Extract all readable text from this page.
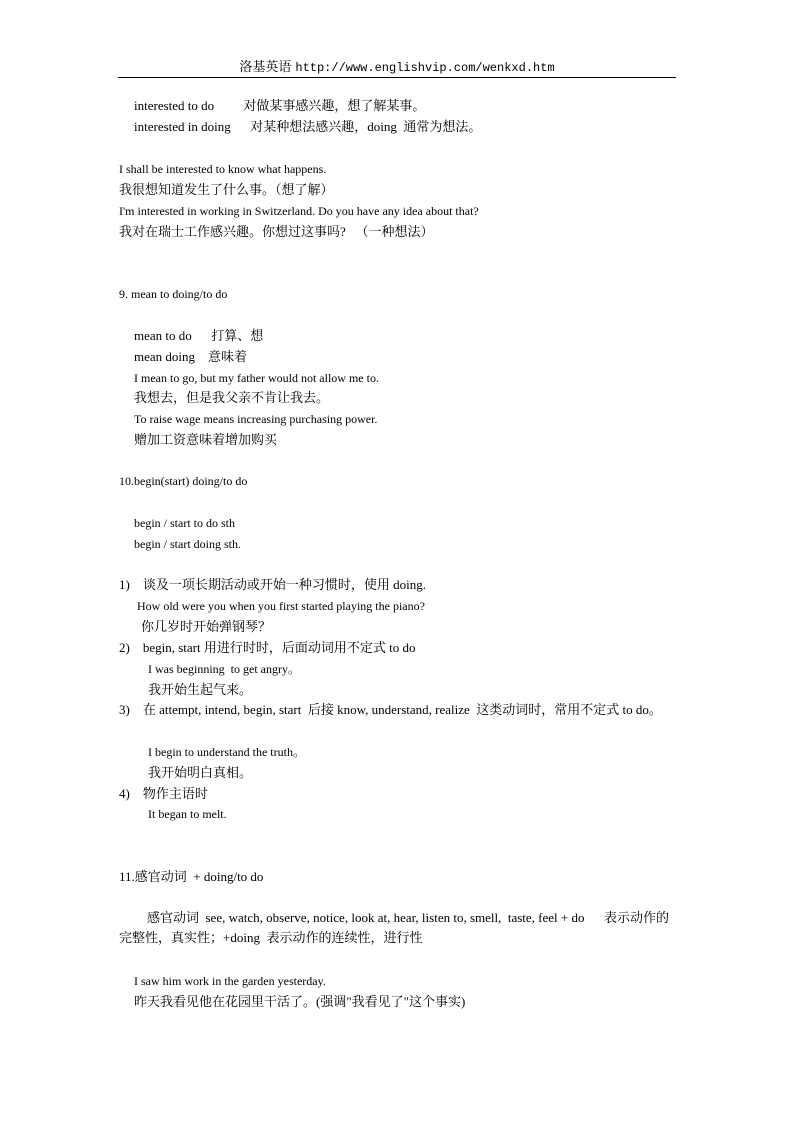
洛基英语 http://www.englishvip.com/wenkxd.htm
interested to do         对做某事感兴趣，想了解某事。
interested in doing      对某种想法感兴趣，doing  通常为想法。
I shall be interested to know what happens.
我很想知道发生了什么事。（想了解）
I'm interested in working in Switzerland. Do you have any idea about that?
我对在瑞士工作感兴趣。你想过这事吗?   （一种想法）
9. mean to doing/to do
mean to do      打算、想
mean doing    意味着
I mean to go, but my father would not allow me to.
我想去，但是我父亲不肯让我去。
To raise wage means increasing purchasing power.
赠加工资意味着增加购买
10.begin(start) doing/to do
begin / start to do sth
begin / start doing sth.
1)    谈及一项长期活动或开始一种习惯时，使用 doing.
How old were you when you first started playing the piano?
你几岁时开始弹钢琴？
2)    begin, start 用进行时时，后面动词用不定式 to do
I was beginning  to get angry。
我开始生起气来。
3)    在 attempt, intend, begin, start  后接 know, understand, realize  这类动词时，常用不定式 to do。
I begin to understand the truth。
我开始明白真相。
4)    物作主语时
It began to melt.
11.感官动词  + doing/to do
感官动词  see, watch, observe, notice, look at, hear, listen to, smell,  taste, feel + do      表示动作的完整性，真实性；+doing  表示动作的连续性，进行性
I saw him work in the garden yesterday.
昨天我看见他在花园里干活了。(强调"我看见了"这个事实)
